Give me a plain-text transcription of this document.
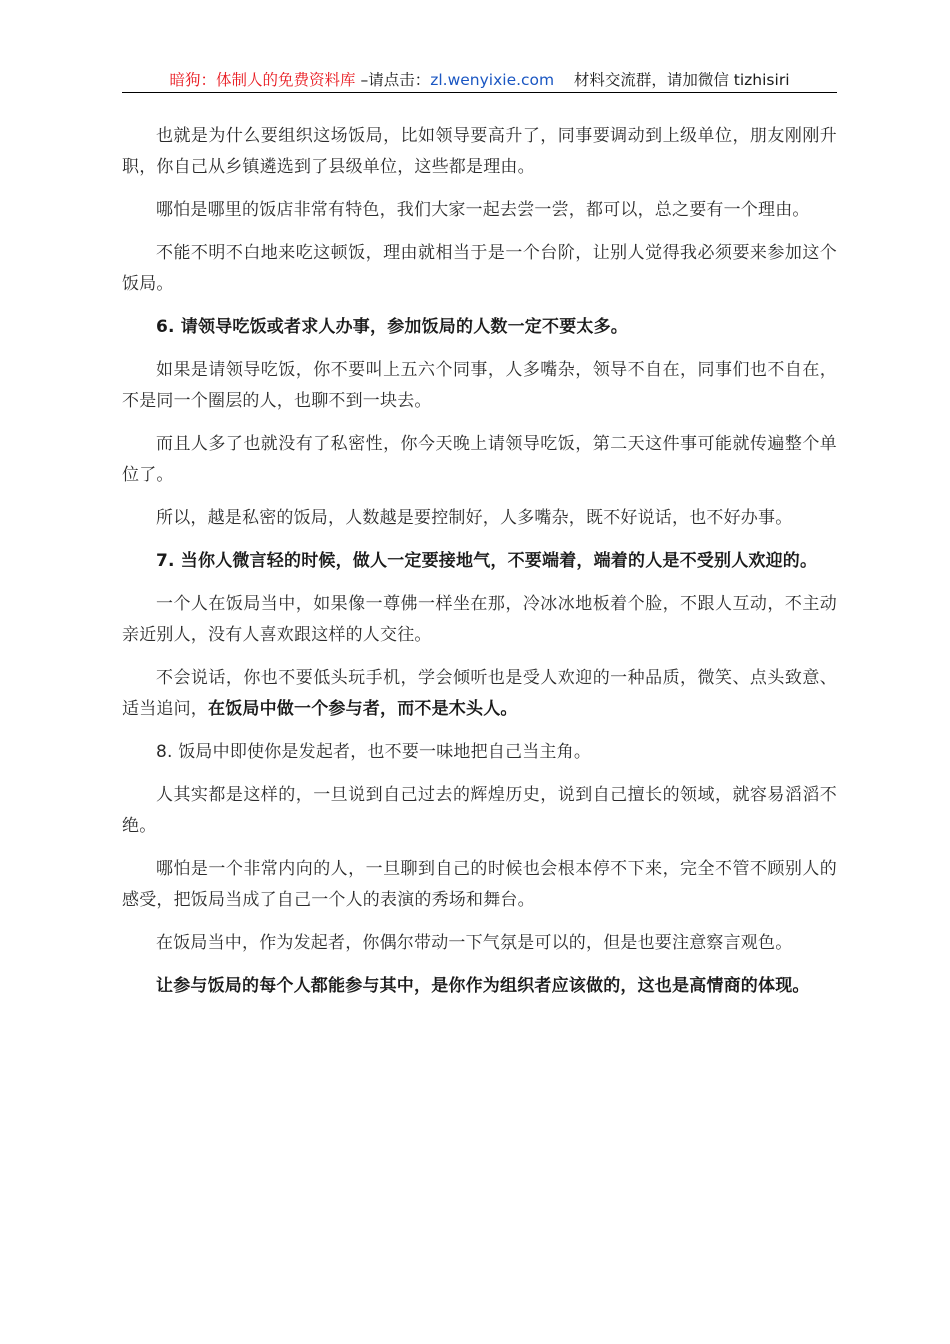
暗狗：体制人的免费资料库 –请点击：zl.wenyixie.com 材料交流群，请加微信 tizhisiri

也就是为什么要组织这场饭局，比如领导要高升了，同事要调动到上级单位，朋友刚刚升职，你自己从乡镇遴选到了县级单位，这些都是理由。

哪怕是哪里的饭店非常有特色，我们大家一起去尝一尝，都可以，总之要有一个理由。

不能不明不白地来吃这顿饭，理由就相当于是一个台阶，让别人觉得我必须要来参加这个饭局。

6. 请领导吃饭或者求人办事，参加饭局的人数一定不要太多。

如果是请领导吃饭，你不要叫上五六个同事，人多嘴杂，领导不自在，同事们也不自在，不是同一个圈层的人，也聊不到一块去。

而且人多了也就没有了私密性，你今天晚上请领导吃饭，第二天这件事可能就传遍整个单位了。

所以，越是私密的饭局，人数越是要控制好，人多嘴杂，既不好说话，也不好办事。

7. 当你人微言轻的时候，做人一定要接地气，不要端着，端着的人是不受别人欢迎的。

一个人在饭局当中，如果像一尊佛一样坐在那，冷冰冰地板着个脸，不跟人互动，不主动亲近别人，没有人喜欢跟这样的人交往。

不会说话，你也不要低头玩手机，学会倾听也是受人欢迎的一种品质，微笑、点头致意、适当追问，在饭局中做一个参与者，而不是木头人。

8. 饭局中即使你是发起者，也不要一味地把自己当主角。

人其实都是这样的，一旦说到自己过去的辉煌历史，说到自己擅长的领域，就容易滔滔不绝。

哪怕是一个非常内向的人，一旦聊到自己的时候也会根本停不下来，完全不管不顾别人的感受，把饭局当成了自己一个人的表演的秀场和舞台。

在饭局当中，作为发起者，你偶尔带动一下气氛是可以的，但是也要注意察言观色。

让参与饭局的每个人都能参与其中，是你作为组织者应该做的，这也是高情商的体现。
